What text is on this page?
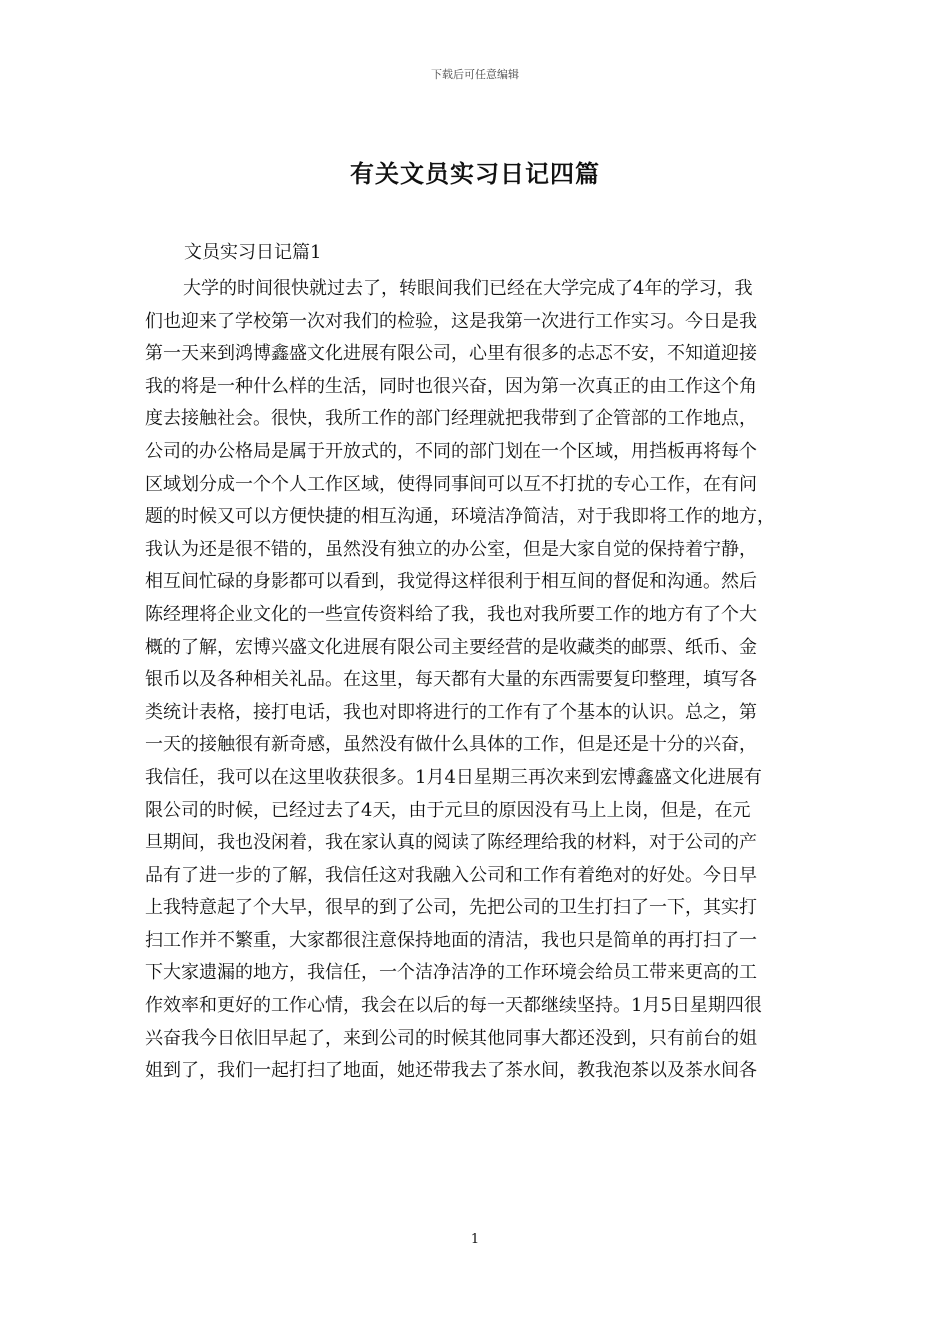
下载后可任意编辑
有关文员实习日记四篇

文员实习日记篇1

大学的时间很快就过去了，转眼间我们已经在大学完成了4年的学习，我
们也迎来了学校第一次对我们的检验，这是我第一次进行工作实习。今日是我
第一天来到鸿博鑫盛文化进展有限公司，心里有很多的忐忑不安，不知道迎接
我的将是一种什么样的生活，同时也很兴奋，因为第一次真正的由工作这个角
度去接触社会。很快，我所工作的部门经理就把我带到了企管部的工作地点，
公司的办公格局是属于开放式的，不同的部门划在一个区域，用挡板再将每个
区域划分成一个个人工作区域，使得同事间可以互不打扰的专心工作，在有问
题的时候又可以方便快捷的相互沟通，环境洁净简洁，对于我即将工作的地方，
我认为还是很不错的，虽然没有独立的办公室，但是大家自觉的保持着宁静，
相互间忙碌的身影都可以看到，我觉得这样很利于相互间的督促和沟通。然后
陈经理将企业文化的一些宣传资料给了我，我也对我所要工作的地方有了个大
概的了解，宏博兴盛文化进展有限公司主要经营的是收藏类的邮票、纸币、金
银币以及各种相关礼品。在这里，每天都有大量的东西需要复印整理，填写各
类统计表格，接打电话，我也对即将进行的工作有了个基本的认识。总之，第
一天的接触很有新奇感，虽然没有做什么具体的工作，但是还是十分的兴奋，
我信任，我可以在这里收获很多。1月4日星期三再次来到宏博鑫盛文化进展有
限公司的时候，已经过去了4天，由于元旦的原因没有马上上岗，但是，在元
旦期间，我也没闲着，我在家认真的阅读了陈经理给我的材料，对于公司的产
品有了进一步的了解，我信任这对我融入公司和工作有着绝对的好处。今日早
上我特意起了个大早，很早的到了公司，先把公司的卫生打扫了一下，其实打
扫工作并不繁重，大家都很注意保持地面的清洁，我也只是简单的再打扫了一
下大家遗漏的地方，我信任，一个洁净洁净的工作环境会给员工带来更高的工
作效率和更好的工作心情，我会在以后的每一天都继续坚持。1月5日星期四很
兴奋我今日依旧早起了，来到公司的时候其他同事大都还没到，只有前台的姐
姐到了，我们一起打扫了地面，她还带我去了茶水间，教我泡茶以及茶水间各
1
